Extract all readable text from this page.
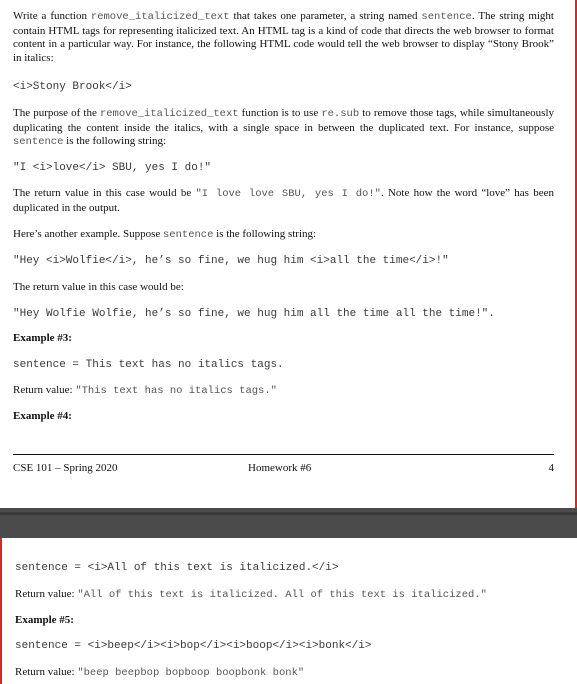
Write a function remove_italicized_text that takes one parameter, a string named sentence. The string might contain HTML tags for representing italicized text. An HTML tag is a kind of code that directs the web browser to format content in a particular way. For instance, the following HTML code would tell the web browser to display “Stony Brook” in italics:
<i>Stony Brook</i>
The purpose of the remove_italicized_text function is to use re.sub to remove those tags, while simultaneously duplicating the content inside the italics, with a single space in between the duplicated text. For instance, suppose sentence is the following string:
"I <i>love</i> SBU, yes I do!"
The return value in this case would be "I love love SBU, yes I do!". Note how the word “love” has been duplicated in the output.
Here’s another example. Suppose sentence is the following string:
"Hey <i>Wolfie</i>, he’s so fine, we hug him <i>all the time</i>!"
The return value in this case would be:
"Hey Wolfie Wolfie, he’s so fine, we hug him all the time all the time!".
Example #3:
sentence = This text has no italics tags.
Return value: "This text has no italics tags."
Example #4:
CSE 101 – Spring 2020	Homework #6	4
sentence = <i>All of this text is italicized.</i>
Return value: "All of this text is italicized. All of this text is italicized."
Example #5:
sentence = <i>beep</i><i>bop</i><i>boop</i><i>bonk</i>
Return value: "beep beepbop bopboop boopbonk bonk"
